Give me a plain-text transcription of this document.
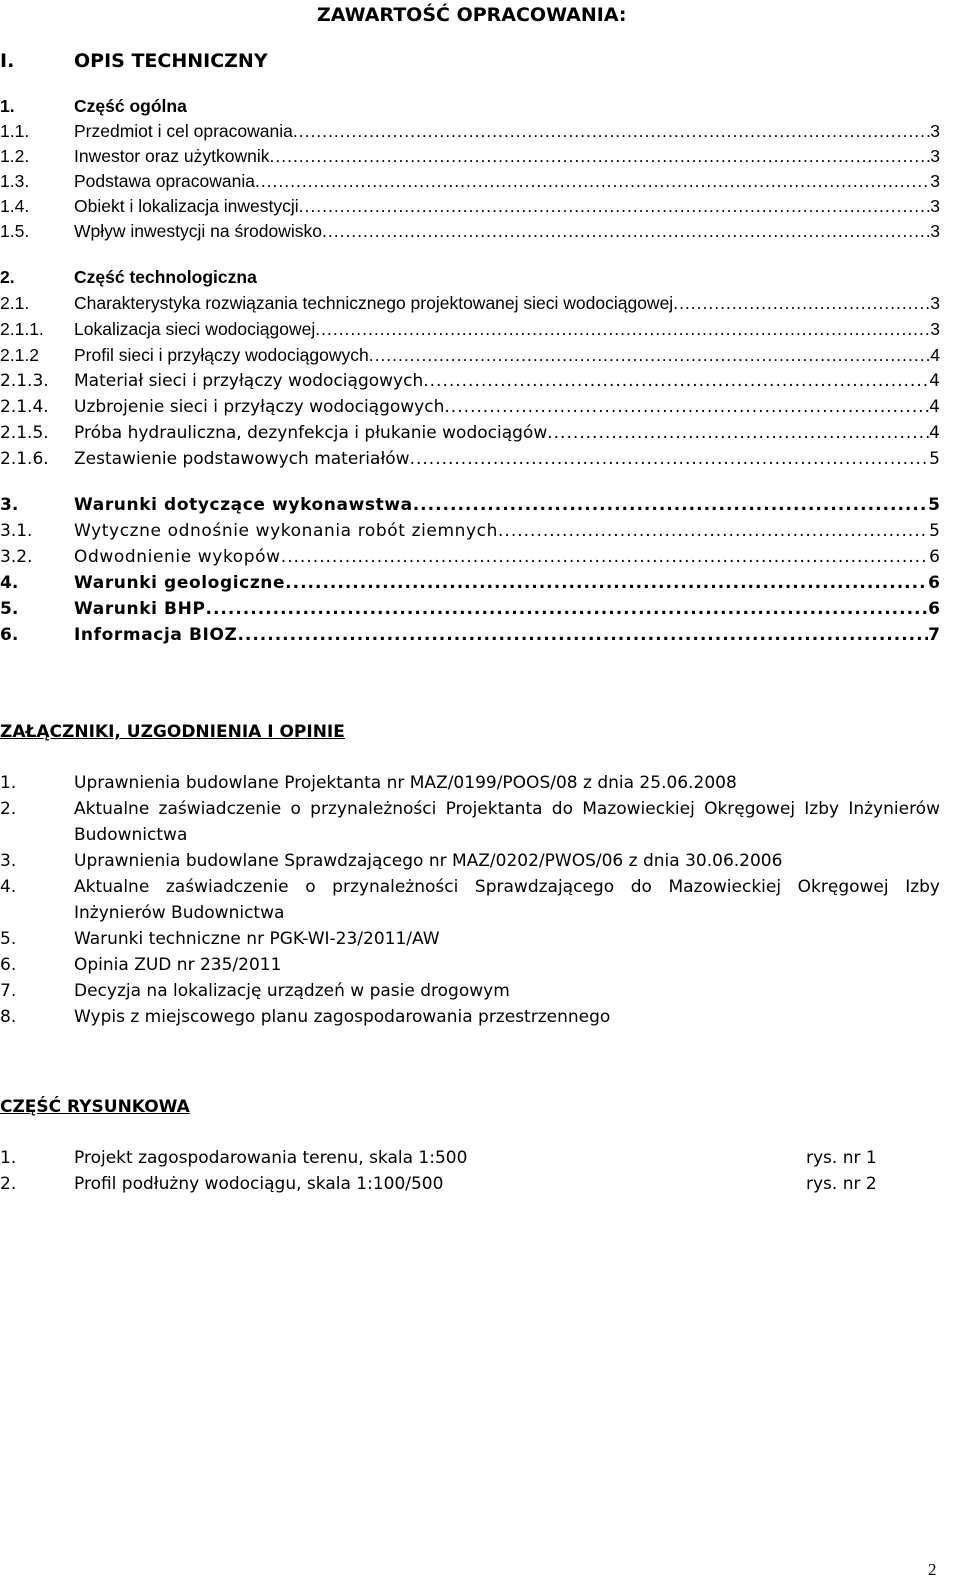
ZAWARTOŚĆ OPRACOWANIA:
I.	OPIS TECHNICZNY
1.	Część ogólna
1.1.	Przedmiot i cel opracowania .....	3
1.2.	Inwestor oraz użytkownik .....	3
1.3.	Podstawa opracowania .....	3
1.4.	Obiekt i lokalizacja inwestycji .....	3
1.5.	Wpływ inwestycji na środowisko .....	3
2.	Część technologiczna
2.1.	Charakterystyka rozwiązania technicznego projektowanej sieci wodociągowej .....	3
2.1.1.	Lokalizacja sieci wodociągowej .....	3
2.1.2	Profil sieci i przyłączy wodociągowych .....	4
2.1.3.	Materiał sieci i przyłączy wodociągowych .....	4
2.1.4.	Uzbrojenie sieci i przyłączy wodociągowych .....	4
2.1.5.	Próba hydrauliczna, dezynfekcja i płukanie wodociągów .....	4
2.1.6.	Zestawienie podstawowych materiałów .....	5
3.	Warunki dotyczące wykonawstwa .....	5
3.1.	Wytyczne odnośnie wykonania robót ziemnych .....	5
3.2.	Odwodnienie wykopów .....	6
4.	Warunki geologiczne .....	6
5.	Warunki BHP .....	6
6.	Informacja BIOZ .....	7
ZAŁĄCZNIKI, UZGODNIENIA I OPINIE
1.	Uprawnienia budowlane Projektanta nr MAZ/0199/POOS/08 z dnia 25.06.2008
2.	Aktualne zaświadczenie o przynależności Projektanta do Mazowieckiej Okręgowej Izby Inżynierów Budownictwa
3.	Uprawnienia budowlane Sprawdzającego nr MAZ/0202/PWOS/06 z dnia 30.06.2006
4.	Aktualne zaświadczenie o przynależności Sprawdzającego do Mazowieckiej Okręgowej Izby Inżynierów Budownictwa
5.	Warunki techniczne nr PGK-WI-23/2011/AW
6.	Opinia ZUD nr 235/2011
7.	Decyzja na lokalizację urządzeń w pasie drogowym
8.	Wypis z miejscowego planu zagospodarowania przestrzennego
CZĘŚĆ RYSUNKOWA
1.	Projekt zagospodarowania terenu, skala 1:500	rys. nr 1
2.	Profil podłużny wodociągu, skala 1:100/500	rys. nr 2
2
